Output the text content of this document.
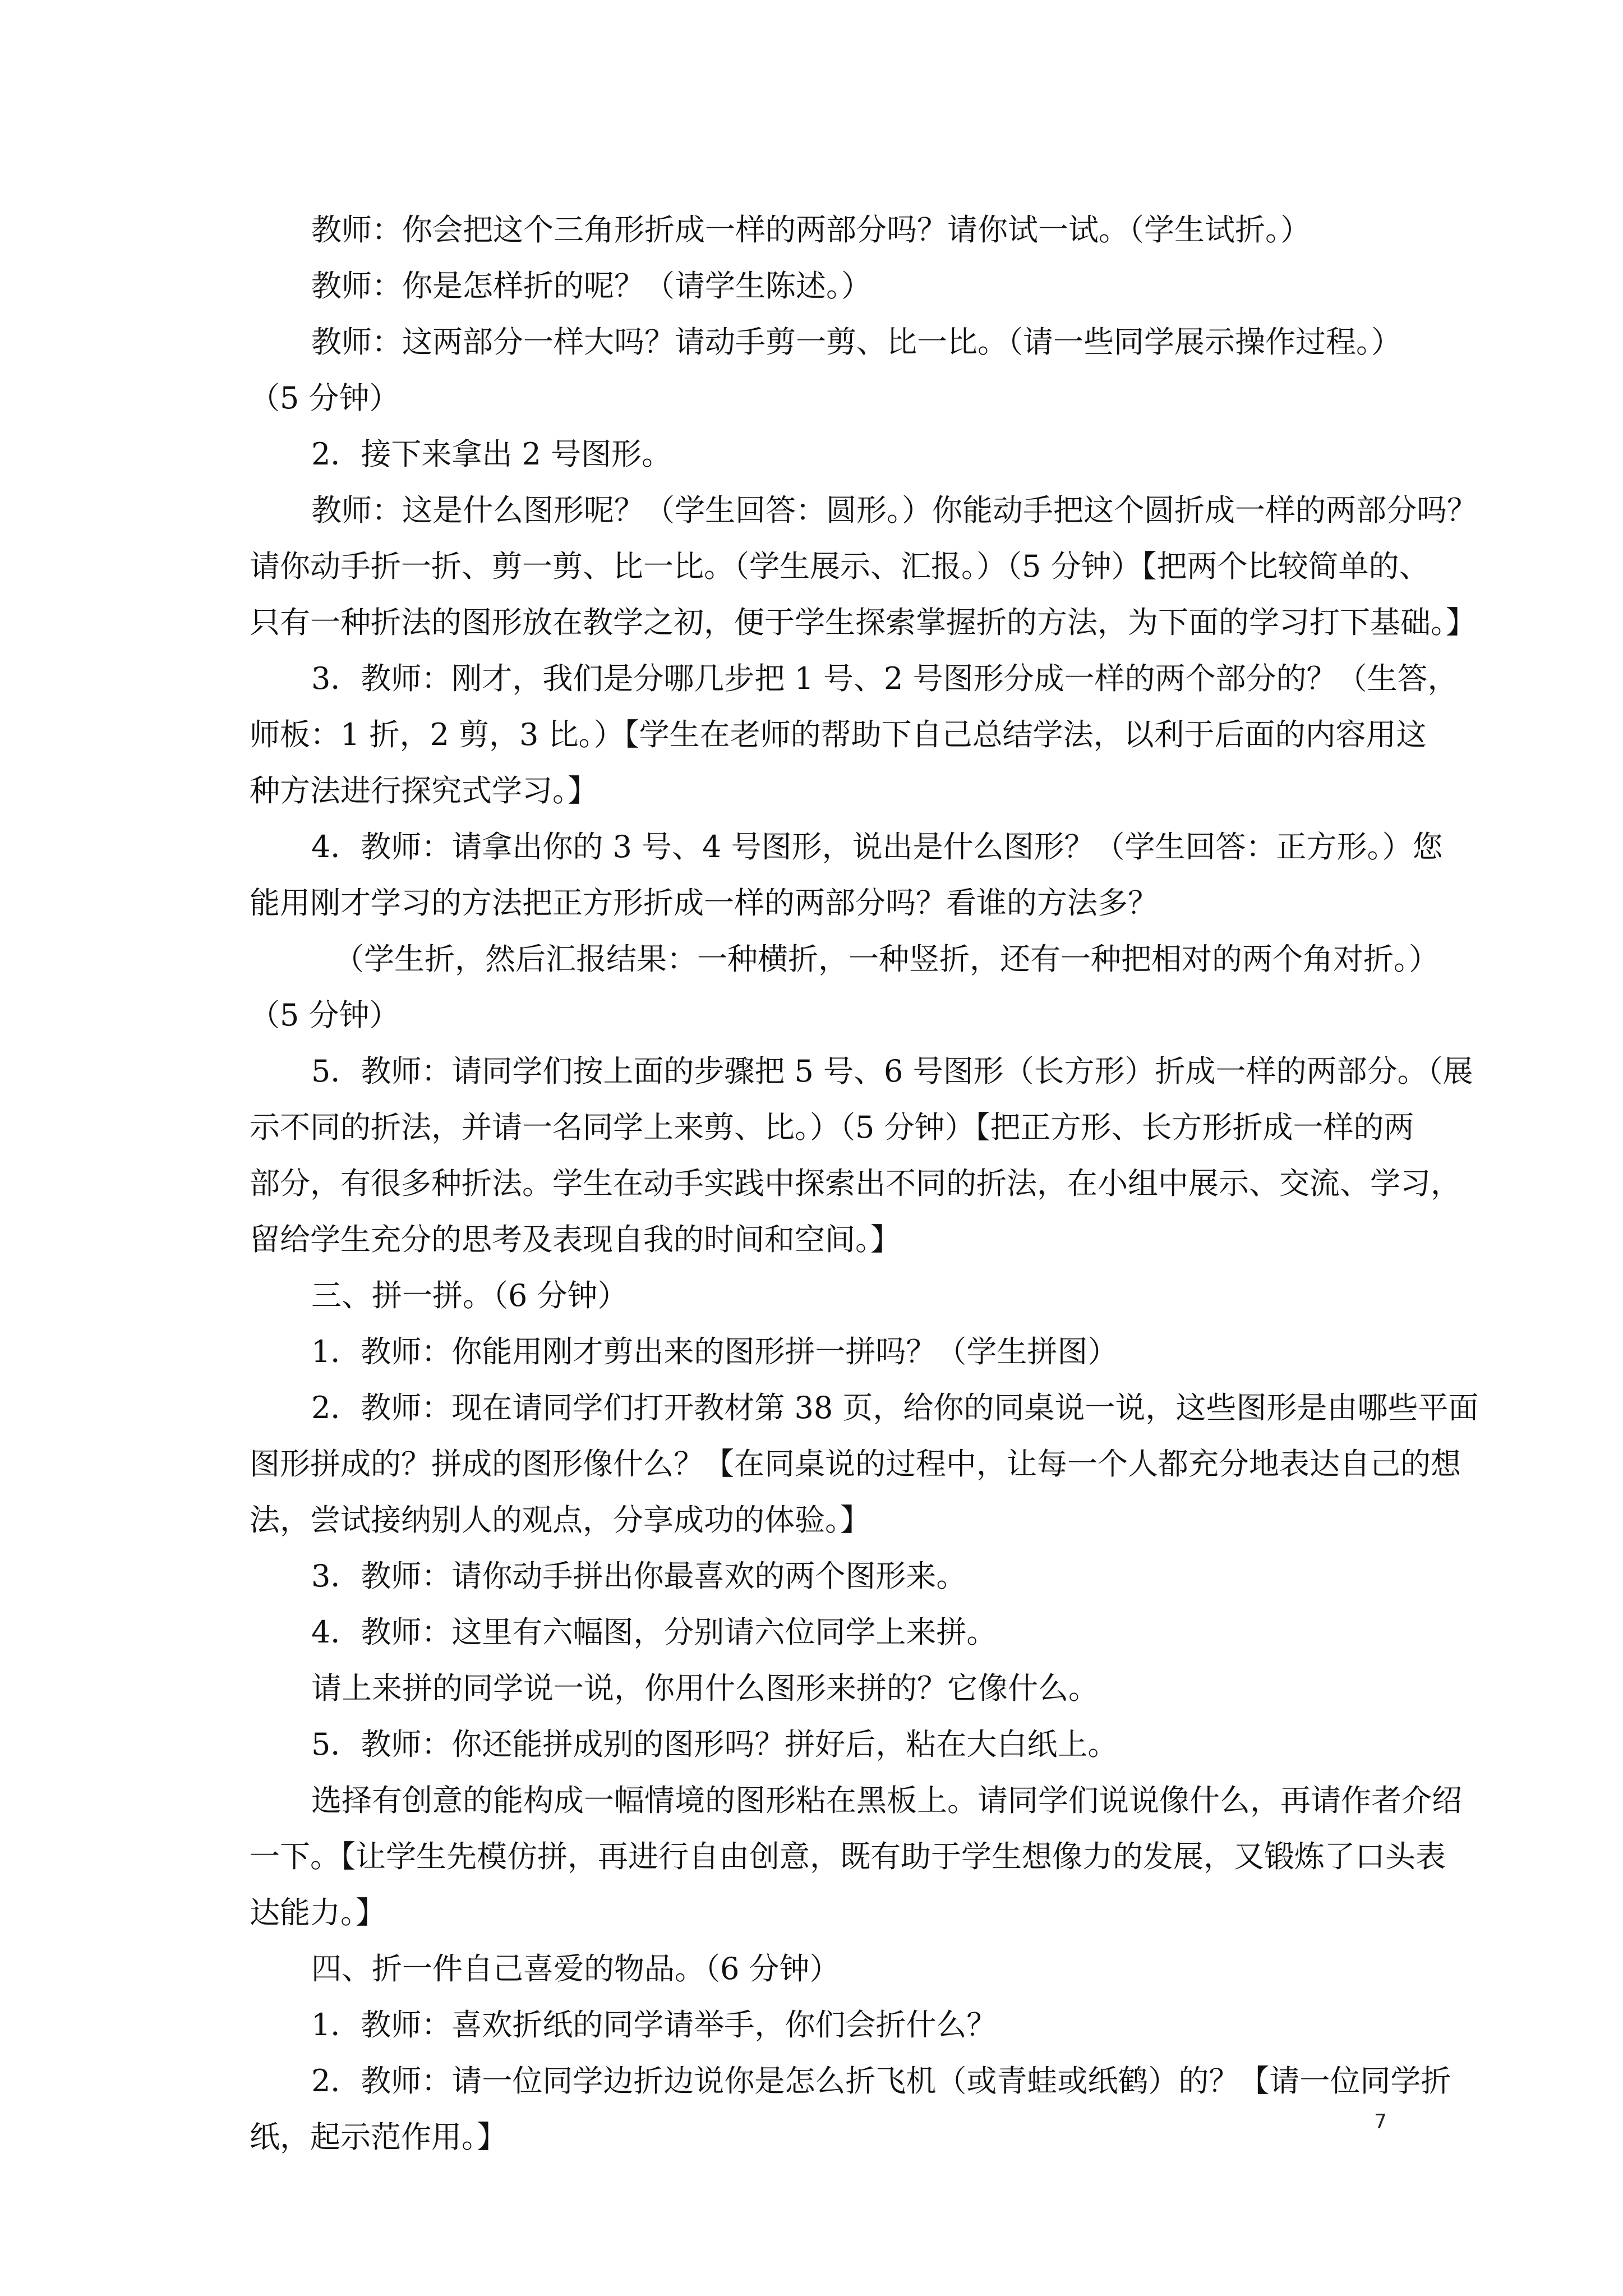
教师：你会把这个三角形折成一样的两部分吗？请你试一试。（学生试折。）
教师：你是怎样折的呢？（请学生陈述。）
教师：这两部分一样大吗？请动手剪一剪、比一比。（请一些同学展示操作过程。）
（5 分钟）
2．接下来拿出 2 号图形。
教师：这是什么图形呢？（学生回答：圆形。）你能动手把这个圆折成一样的两部分吗？
请你动手折一折、剪一剪、比一比。（学生展示、汇报。）（5 分钟）【把两个比较简单的、
只有一种折法的图形放在教学之初，便于学生探索掌握折的方法，为下面的学习打下基础。】
3．教师：刚才，我们是分哪几步把 1 号、2 号图形分成一样的两个部分的？（生答，
师板：1 折，2 剪，3 比。）【学生在老师的帮助下自己总结学法，以利于后面的内容用这
种方法进行探究式学习。】
4．教师：请拿出你的 3 号、4 号图形，说出是什么图形？（学生回答：正方形。）您
能用刚才学习的方法把正方形折成一样的两部分吗？看谁的方法多？
（学生折，然后汇报结果：一种横折，一种竖折，还有一种把相对的两个角对折。）
（5 分钟）
5．教师：请同学们按上面的步骤把 5 号、6 号图形（长方形）折成一样的两部分。（展
示不同的折法，并请一名同学上来剪、比。）（5 分钟）【把正方形、长方形折成一样的两
部分，有很多种折法。学生在动手实践中探索出不同的折法，在小组中展示、交流、学习，
留给学生充分的思考及表现自我的时间和空间。】
三、拼一拼。（6 分钟）
1．教师：你能用刚才剪出来的图形拼一拼吗？（学生拼图）
2．教师：现在请同学们打开教材第 38 页，给你的同桌说一说，这些图形是由哪些平面
图形拼成的？拼成的图形像什么？【在同桌说的过程中，让每一个人都充分地表达自己的想
法，尝试接纳别人的观点，分享成功的体验。】
3．教师：请你动手拼出你最喜欢的两个图形来。
4．教师：这里有六幅图，分别请六位同学上来拼。
请上来拼的同学说一说，你用什么图形来拼的？它像什么。
5．教师：你还能拼成别的图形吗？拼好后，粘在大白纸上。
选择有创意的能构成一幅情境的图形粘在黑板上。请同学们说说像什么，再请作者介绍
一下。【让学生先模仿拼，再进行自由创意，既有助于学生想像力的发展，又锻炼了口头表
达能力。】
四、折一件自己喜爱的物品。（6 分钟）
1．教师：喜欢折纸的同学请举手，你们会折什么？
2．教师：请一位同学边折边说你是怎么折飞机（或青蛙或纸鹤）的？【请一位同学折
纸，起示范作用。】	7
